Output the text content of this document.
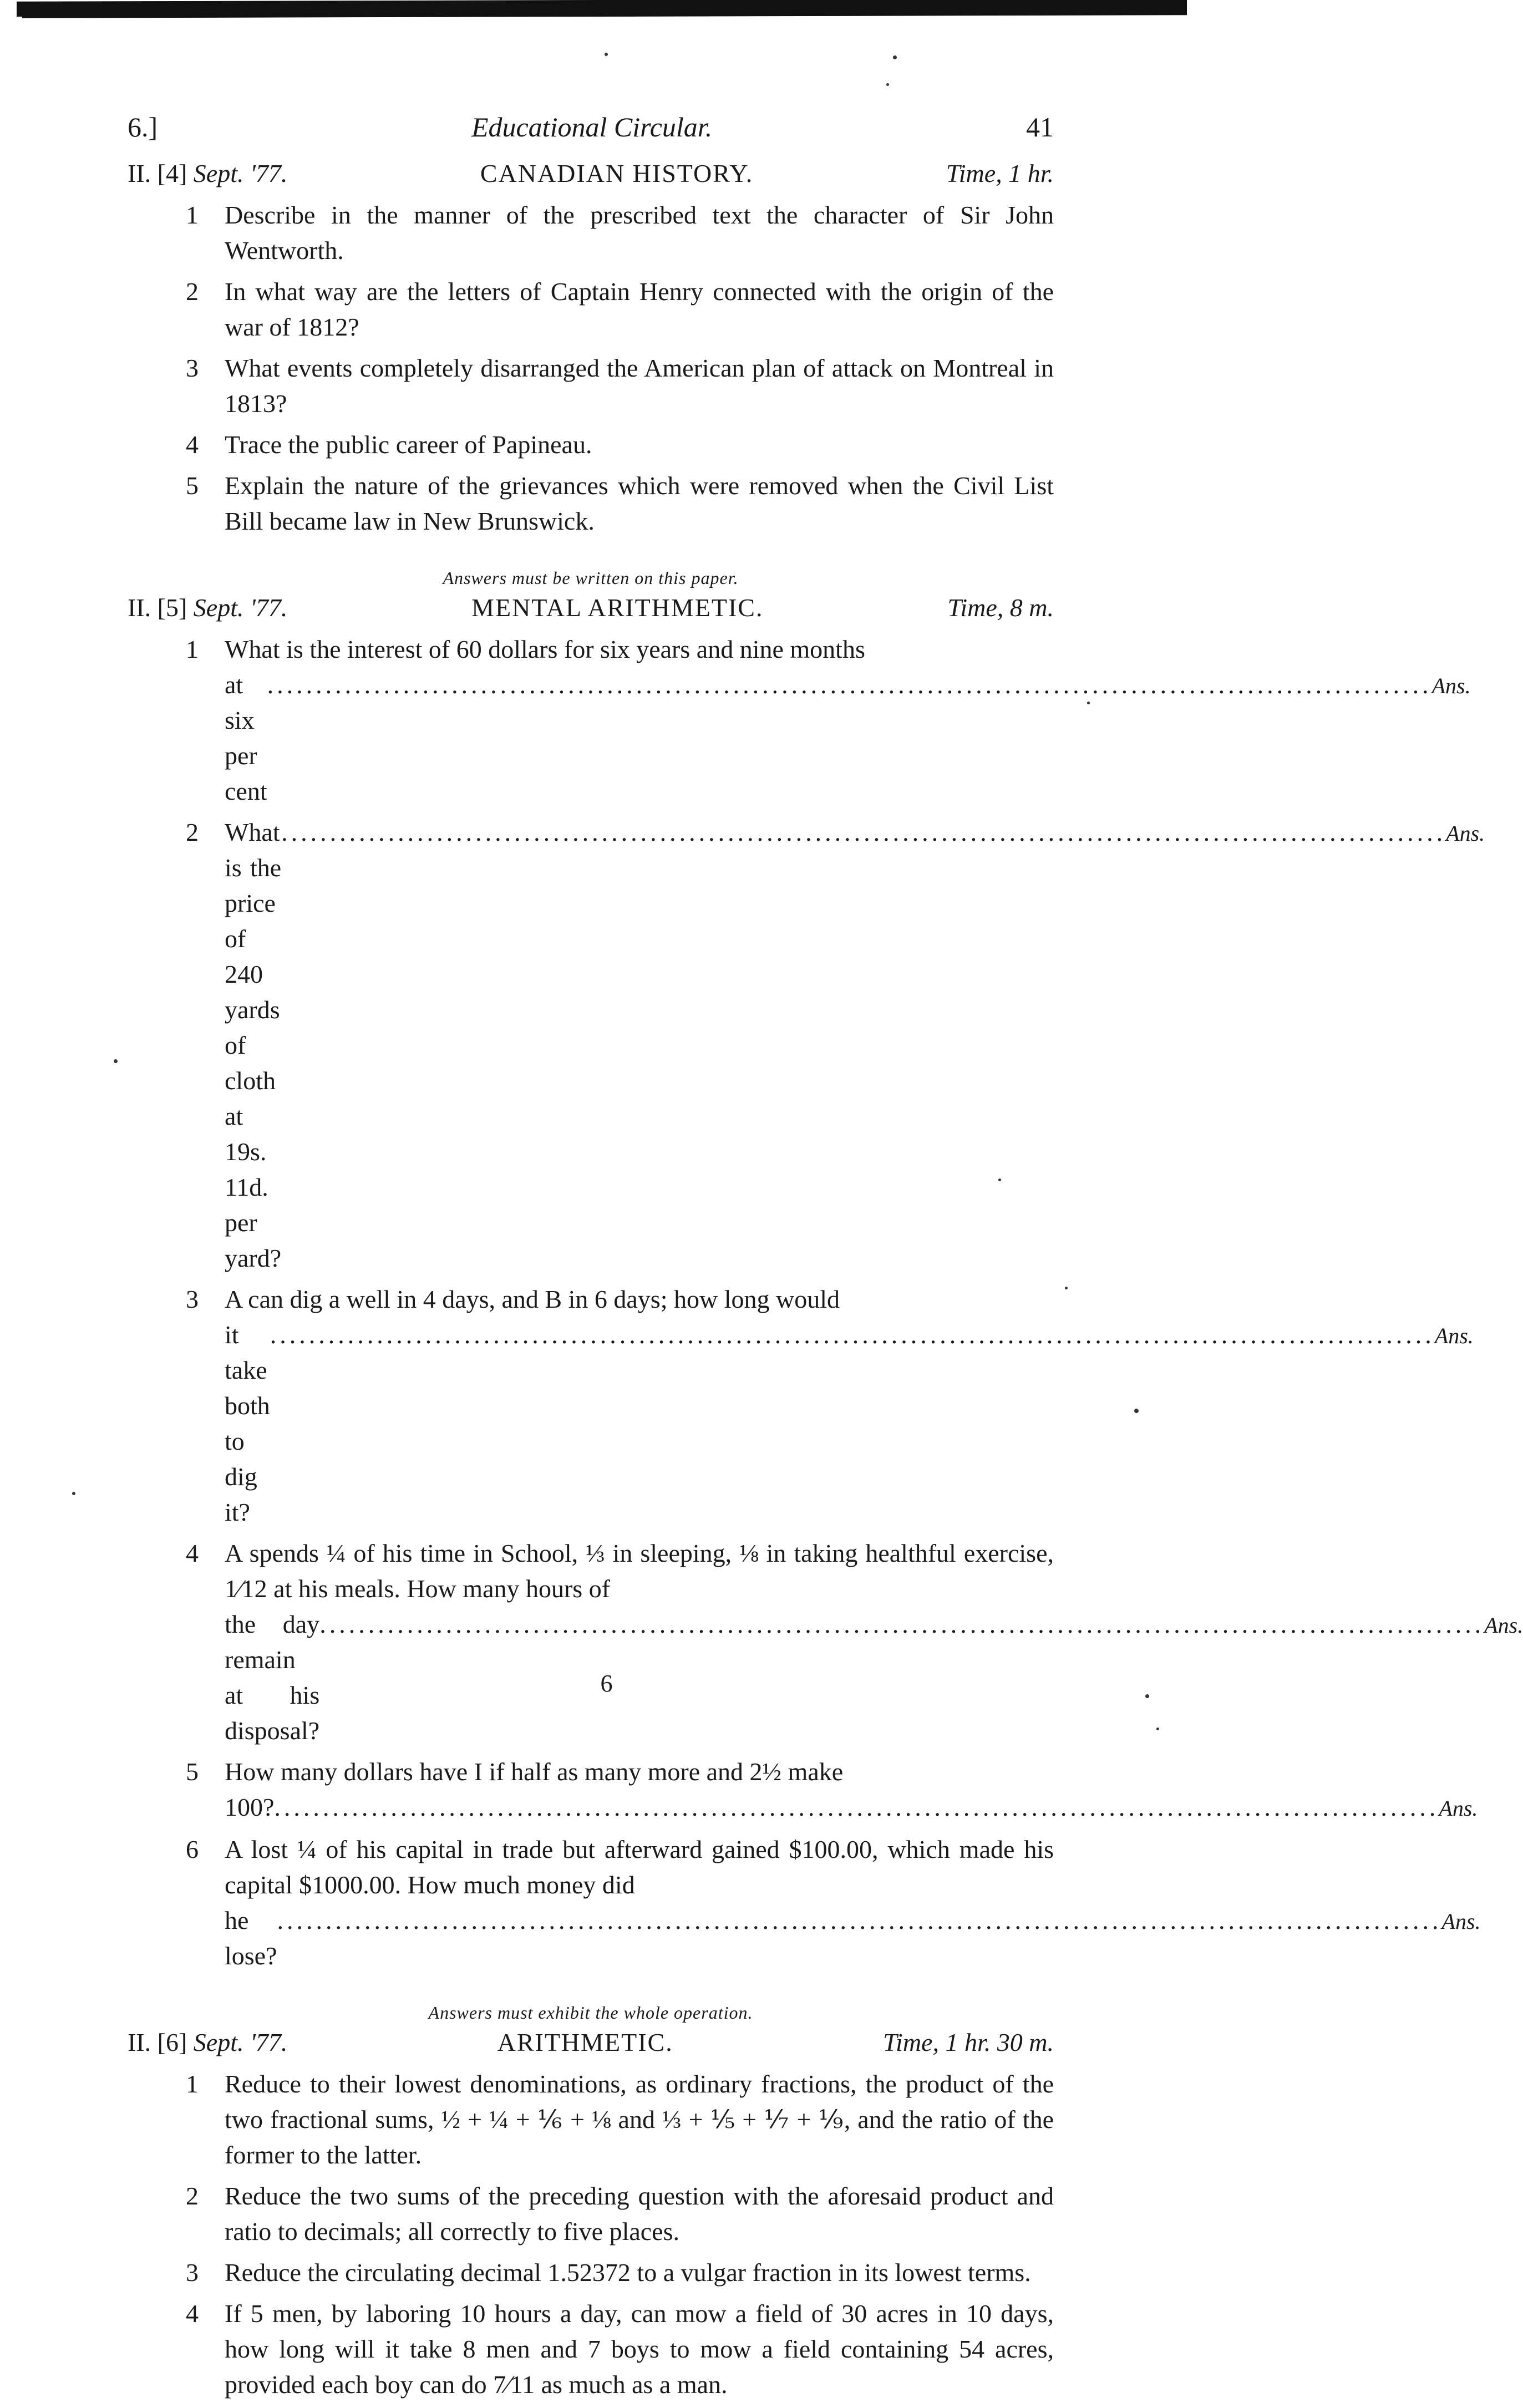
6.]	Educational Circular.	41
II. [4] Sept. '77.	CANADIAN HISTORY.	Time, 1 hr.
1 Describe in the manner of the prescribed text the character of Sir John Wentworth.
2 In what way are the letters of Captain Henry connected with the origin of the war of 1812?
3 What events completely disarranged the American plan of attack on Montreal in 1813?
4 Trace the public career of Papineau.
5 Explain the nature of the grievances which were removed when the Civil List Bill became law in New Brunswick.
Answers must be written on this paper.
II. [5] Sept. '77.	MENTAL ARITHMETIC.	Time, 8 m.
1 What is the interest of 60 dollars for six years and nine months
at six per cent
........................................................................................................................ Ans.
2 What is the price of 240 yards of cloth at 19s. 11d. per yard?
........................................................................................................................ Ans.
3 A can dig a well in 4 days, and B in 6 days; how long would
it take both to dig it?
........................................................................................................................ Ans.
4 A spends ¼ of his time in School, ⅓ in sleeping, ⅛ in taking healthful exercise, 1⁄12 at his meals. How many hours of
the day remain at his disposal?
........................................................................................................................ Ans.
5 How many dollars have I if half as many more and 2½ make
100? ........................................................................................................................ Ans.
6 A lost ¼ of his capital in trade but afterward gained $100.00, which made his capital $1000.00. How much money did
he lose?
........................................................................................................................ Ans.
Answers must exhibit the whole operation.
II. [6] Sept. '77.	ARITHMETIC.	Time, 1 hr. 30 m.
1 Reduce to their lowest denominations, as ordinary fractions, the product of the two fractional sums, ½ + ¼ + ⅙ + ⅛ and ⅓ + ⅕ + ⅐ + ⅑, and the ratio of the former to the latter.
2 Reduce the two sums of the preceding question with the aforesaid product and ratio to decimals; all correctly to five places.
3 Reduce the circulating decimal 1.52372 to a vulgar fraction in its lowest terms.
4 If 5 men, by laboring 10 hours a day, can mow a field of 30 acres in 10 days, how long will it take 8 men and 7 boys to mow a field containing 54 acres, provided each boy can do 7⁄11 as much as a man.
6
